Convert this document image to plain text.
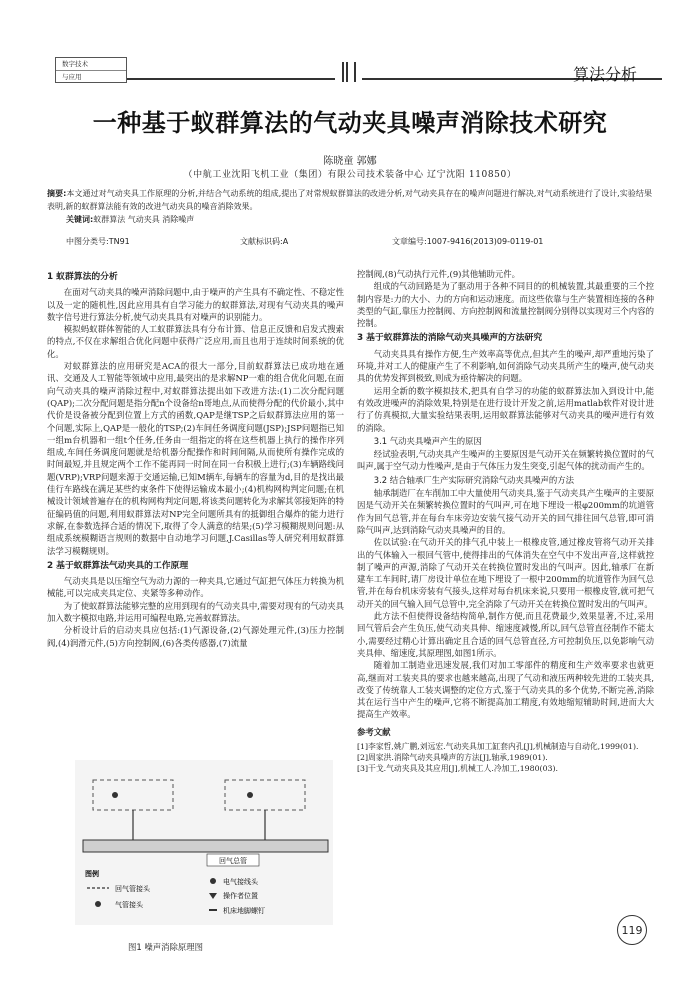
数字技术
与应用	算法分析
一种基于蚁群算法的气动夹具噪声消除技术研究
陈晓童 郭娜
（中航工业沈阳飞机工业（集团）有限公司技术装备中心 辽宁沈阳 110850）
摘要:本文通过对气动夹具工作原理的分析,并结合气动系统的组成,提出了对常规蚁群算法的改进分析,对气动夹具存在的噪声问题进行解决,对气动系统进行了设计,实验结果表明,新的蚁群算法能有效的改进气动夹具的噪音消除效果。
关键词:蚁群算法 气动夹具 消除噪声
中图分类号:TN91	文献标识码:A	文章编号:1007-9416(2013)09-0119-01
1 蚁群算法的分析

在面对气动夹具的噪声消除问题中,由于噪声的产生具有不确定性、不稳定性以及一定的随机性,因此应用具有自学习能力的蚁群算法,对现有气动夹具的噪声数字信号进行算法分析,使气动夹具具有对噪声的识别能力。

模拟蚂蚁群体智能的人工蚁群算法具有分布计算、信息正反馈和启发式搜索的特点,不仅在求解组合优化问题中获得广泛应用,而且也用于连续时间系统的优化。

对蚁群算法的应用研究是ACA的很大一部分,目前蚁群算法已成功地在通讯、交通及人工智能等领域中应用,最突出的是求解NP一难的组合优化问题,在面向气动夹具的噪声消除过程中,对蚁群算法提出如下改进方法:(1)二次分配问题(QAP);二次分配问题是指分配n个设备给n哥地点,从而使得分配的代价最小,其中代价是设备被分配到位置上方式的函数,QAP是继TSP之后蚁群算法应用的第一个问题,实际上,QAP是一般化的TSP;(2)车间任务调度问题(JSP);JSP问题指已知一组m台机器和一组t个任务,任务由一组指定的将在这些机器上执行的操作序列组成,车间任务调度问题就是给机器分配操作和时间间隔,从而使所有操作完成的时间最短,并且规定两个工作不能再同一时间在同一台积极上进行;(3)车辆路线问题(VRP);VRP问题来源于交通运输,已知M辆车,每辆车的容量为d,目的是找出最佳行车路线在满足某些约束条件下使得运输成本最小;(4)机构网构判定问题;在机械设计领域普遍存在的机构网构判定问题,将该类问题转化为求解其邻接矩阵的特征编码值的问题,利用蚁群算法对NP完全问题所具有的抵御组合爆炸的能力进行求解,在参数选择合适的情况下,取得了令人满意的结果;(5)学习模糊规则问题:从组成系统模糊语言规则的数据中自动地学习问题,J.Casillas等人研究利用蚁群算法学习模糊规则。

2 基于蚁群算法气动夹具的工作原理

气动夹具是以压缩空气为动力源的一种夹具,它通过气缸把气体压力转换为机械能,可以完成夹具定位、夹紧等多种动作。

为了使蚁群算法能够完整的应用到现有的气动夹具中,需要对现有的气动夹具加入数字模拟电路,并运用可编程电路,完善蚁群算法。

分析设计后的启动夹具应包括:(1)气源设备,(2)气源处理元件,(3)压力控制阀,(4)润滑元件,(5)方向控制阀,(6)各类传感器,(7)流量

回气总管
图例
回气管接头
气管接头
电气接线头
操作者位置
机床地脚螺钉
图1 噪声消除原理图

控制阀,(8)气动执行元件,(9)其他辅助元件。

组成的气动回路是为了驱动用于各种不同目的的机械装置,其最重要的三个控制内容是:力的大小、力的方向和运动速度。而这些依靠与生产装置相连接的各种类型的气缸,靠压力控制阀、方向控制阀和流量控制阀分别得以实现对三个内容的控制。

3 基于蚁群算法的消除气动夹具噪声的方法研究

气动夹具具有操作方便,生产效率高等优点,但其产生的噪声,却严重地污染了环境,并对工人的健康产生了不利影响,如何消除气动夹具所产生的噪声,使气动夹具的优势发挥到极致,则成为亟待解决的问题。

运用全新的数字模拟技术,把具有自学习的功能的蚁群算法加入到设计中,能有效改进噪声的消除效果,特别是在进行设计开发之前,运用matlab软件对设计进行了仿真模拟,大量实验结果表明,运用蚁群算法能够对气动夹具的噪声进行有效的消除。

3.1 气动夹具噪声产生的原因

经试验表明,气动夹具产生噪声的主要原因是气动开关在频繁转换位置时的气叫声,属于空气动力性噪声,是由于气体压力发生突变,引起气体的扰动而产生的。

3.2 结合轴承厂生产实际研究消除气动夹具噪声的方法

轴承制造厂在车削加工中大量使用气动夹具,鉴于气动夹具产生噪声的主要原因是气动开关在频繁转换位置时的气叫声,可在地下埋设一根φ200mm的坑道管作为回气总管,并在每台车床旁边安装气接气动开关的回气排往回气总管,即可消除气叫声,达到消除气动夹具噪声的目的。

佐以试验:在气动开关的排气孔中装上一根橡皮管,通过橡皮管将气动开关排出的气体输入一根回气管中,使得排出的气体消失在空气中不发出声音,这样就控制了噪声的声源,消除了气动开关在转换位置时发出的气叫声。因此,轴承厂在新建车工车间时,请厂房设计单位在地下埋设了一根中200mm的坑道管作为回气总管,并在每台机床旁装有气接头,这样对每台机床来说,只要用一根橡皮管,就可把气动开关的回气输入回气总管中,完全消除了气动开关在转换位置时发出的气叫声。

此方法不但使得设备结构简单,制作方便,而且花费最少,效果显著,不过,采用回气管后会产生负压,使气动夹具伸、缩速度减慢,所以,回气总管直径制作不能太小,需要经过精心计算出确定且合适的回气总管直径,方可控制负压,以免影响气动夹具伸、缩速度,其原理图,如图1所示。

随着加工制造业迅速发展,我们对加工零部件的精度和生产效率要求也就更高,继而对工装夹具的要求也越来越高,出现了气动和液压两种较先进的工装夹具,改变了传统靠人工装夹调整的定位方式,鉴于气动夹具的多个优势,不断完善,消除其在运行当中产生的噪声,它将不断提高加工精度,有效地缩短辅助时间,进而大大提高生产效率。

参考文献
[1]李家哲,姚广鹏,刘远宏.气动夹具加工缸套内孔[J],机械制造与自动化,1999(01).
[2]周家洪.消除气动夹具噪声的方法[J],轴承,1989(01).
[3]干戈.气动夹具及其应用[J],机械工人.冷加工,1980(03).
119
